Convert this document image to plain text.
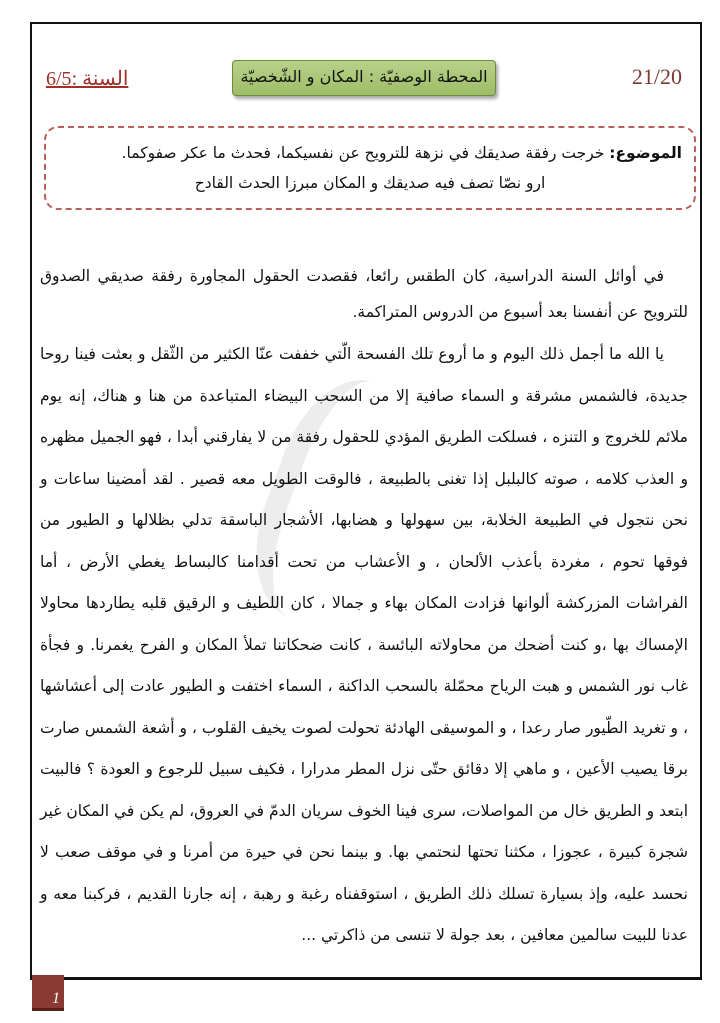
21/20
المحطة الوصفيّة : المكان و الشّخصيّة
السنة :6/5
الموضوع: خرجت رفقة صديقك في نزهة للترويح عن نفسيكما، فحدث ما عكر صفوكما.
ارو نصّا تصف فيه صديقك و المكان مبرزا الحدث القادح

في أوائل السنة الدراسية، كان الطقس رائعا، فقصدت الحقول المجاورة رفقة صديقي الصدوق للترويح عن أنفسنا بعد أسبوع من الدروس المتراكمة.

يا الله ما أجمل ذلك اليوم و ما أروع تلك الفسحة الّتي خففت عنّا الكثير من الثّقل و بعثت فينا روحا جديدة، فالشمس مشرقة و السماء صافية إلا من السحب البيضاء المتباعدة من هنا و هناك، إنه يوم ملائم للخروج و التنزه ، فسلكت الطريق المؤدي للحقول رفقة من لا يفارقني أبدا ، فهو الجميل مظهره و العذب كلامه ، صوته كالبلبل إذا تغنى بالطبيعة ، فالوقت الطويل معه قصير . لقد أمضينا ساعات و نحن نتجول في الطبيعة الخلابة، بين سهولها و هضابها، الأشجار الباسقة تدلي بظلالها و الطيور من فوقها تحوم ، مغردة بأعذب الألحان ، و الأعشاب من تحت أقدامنا كالبساط يغطي الأرض ، أما الفراشات المزركشة ألوانها فزادت المكان بهاء و جمالا ، كان اللطيف و الرقيق قلبه يطاردها محاولا الإمساك بها ،و كنت أضحك من محاولاته البائسة ، كانت ضحكاتنا تملأ المكان و الفرح يغمرنا. و فجأة غاب نور الشمس و هبت الرياح محمّلة بالسحب الداكنة ، السماء اختفت و الطيور عادت إلى أعشاشها ، و تغريد الطّيور صار رعدا ، و الموسيقى الهادئة تحولت لصوت يخيف القلوب ، و أشعة الشمس صارت برقا يصيب الأعين ، و ماهي إلا دقائق حتّى نزل المطر مدرارا ، فكيف سبيل للرجوع و العودة ؟ فالبيت ابتعد و الطريق خال من المواصلات، سرى فينا الخوف سريان الدمّ في العروق، لم يكن في المكان غير شجرة كبيرة ، عجوزا ، مكثنا تحتها لنحتمي بها. و بينما نحن في حيرة من أمرنا و في موقف صعب لا نحسد عليه، وإذ بسيارة تسلك ذلك الطريق ، استوقفناه رغبة و رهبة ، إنه جارنا القديم ، فركبنا معه و عدنا للبيت سالمين معافين ، بعد جولة لا تنسى من ذاكرتي ...

1
